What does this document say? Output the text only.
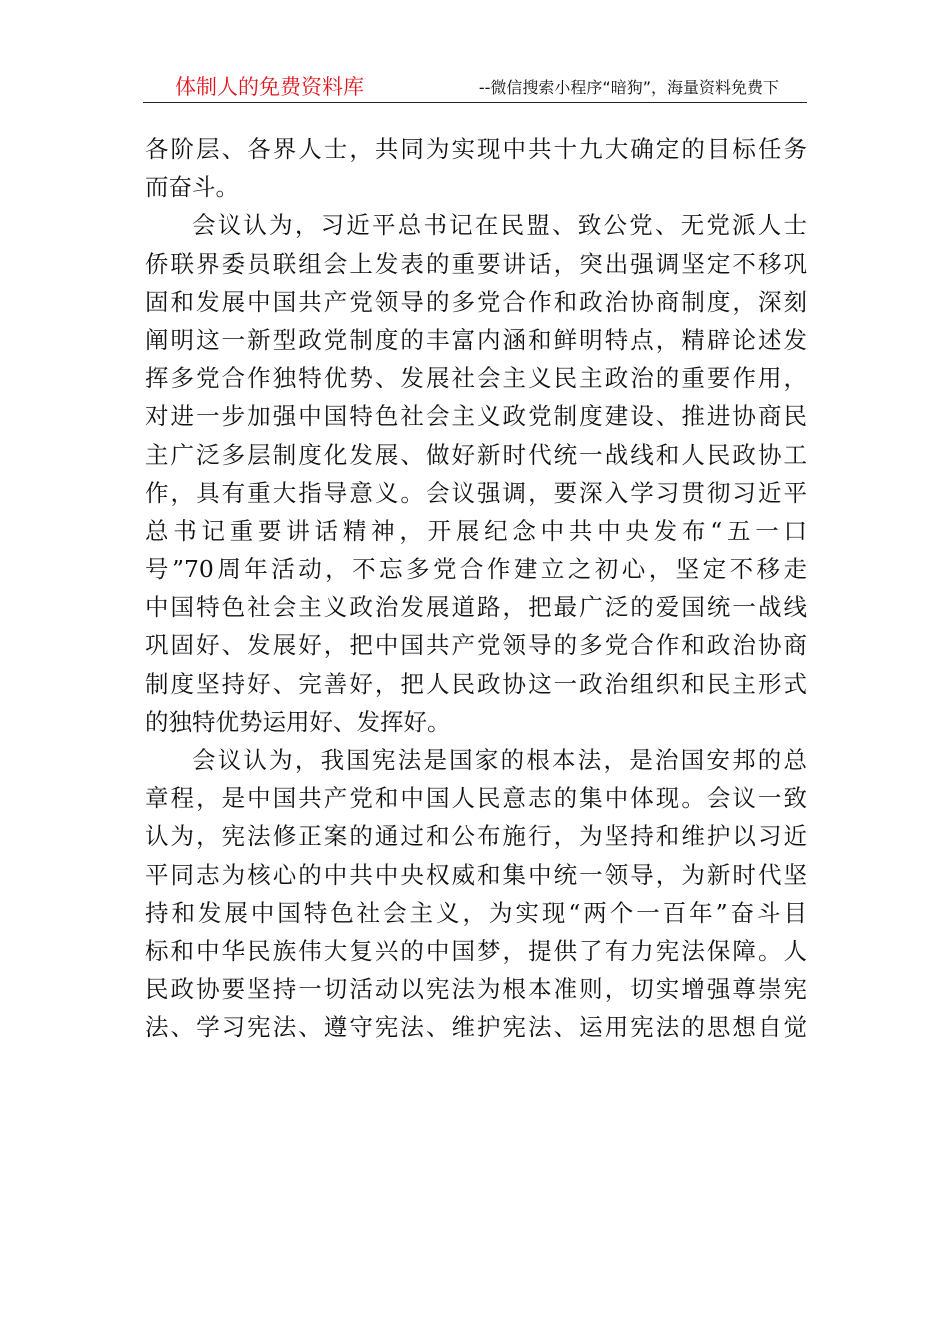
体制人的免费资料库	--微信搜索小程序“暗狗”，海量资料免费下
各阶层、各界人士，共同为实现中共十九大确定的目标任务
而奋斗。
会议认为，习近平总书记在民盟、致公党、无党派人士
侨联界委员联组会上发表的重要讲话，突出强调坚定不移巩
固和发展中国共产党领导的多党合作和政治协商制度，深刻
阐明这一新型政党制度的丰富内涵和鲜明特点，精辟论述发
挥多党合作独特优势、发展社会主义民主政治的重要作用，
对进一步加强中国特色社会主义政党制度建设、推进协商民
主广泛多层制度化发展、做好新时代统一战线和人民政协工
作，具有重大指导意义。会议强调，要深入学习贯彻习近平
总书记重要讲话精神，开展纪念中共中央发布“五一口
号”70周年活动，不忘多党合作建立之初心，坚定不移走
中国特色社会主义政治发展道路，把最广泛的爱国统一战线
巩固好、发展好，把中国共产党领导的多党合作和政治协商
制度坚持好、完善好，把人民政协这一政治组织和民主形式
的独特优势运用好、发挥好。
会议认为，我国宪法是国家的根本法，是治国安邦的总
章程，是中国共产党和中国人民意志的集中体现。会议一致
认为，宪法修正案的通过和公布施行，为坚持和维护以习近
平同志为核心的中共中央权威和集中统一领导，为新时代坚
持和发展中国特色社会主义，为实现“两个一百年”奋斗目
标和中华民族伟大复兴的中国梦，提供了有力宪法保障。人
民政协要坚持一切活动以宪法为根本准则，切实增强尊崇宪
法、学习宪法、遵守宪法、维护宪法、运用宪法的思想自觉
